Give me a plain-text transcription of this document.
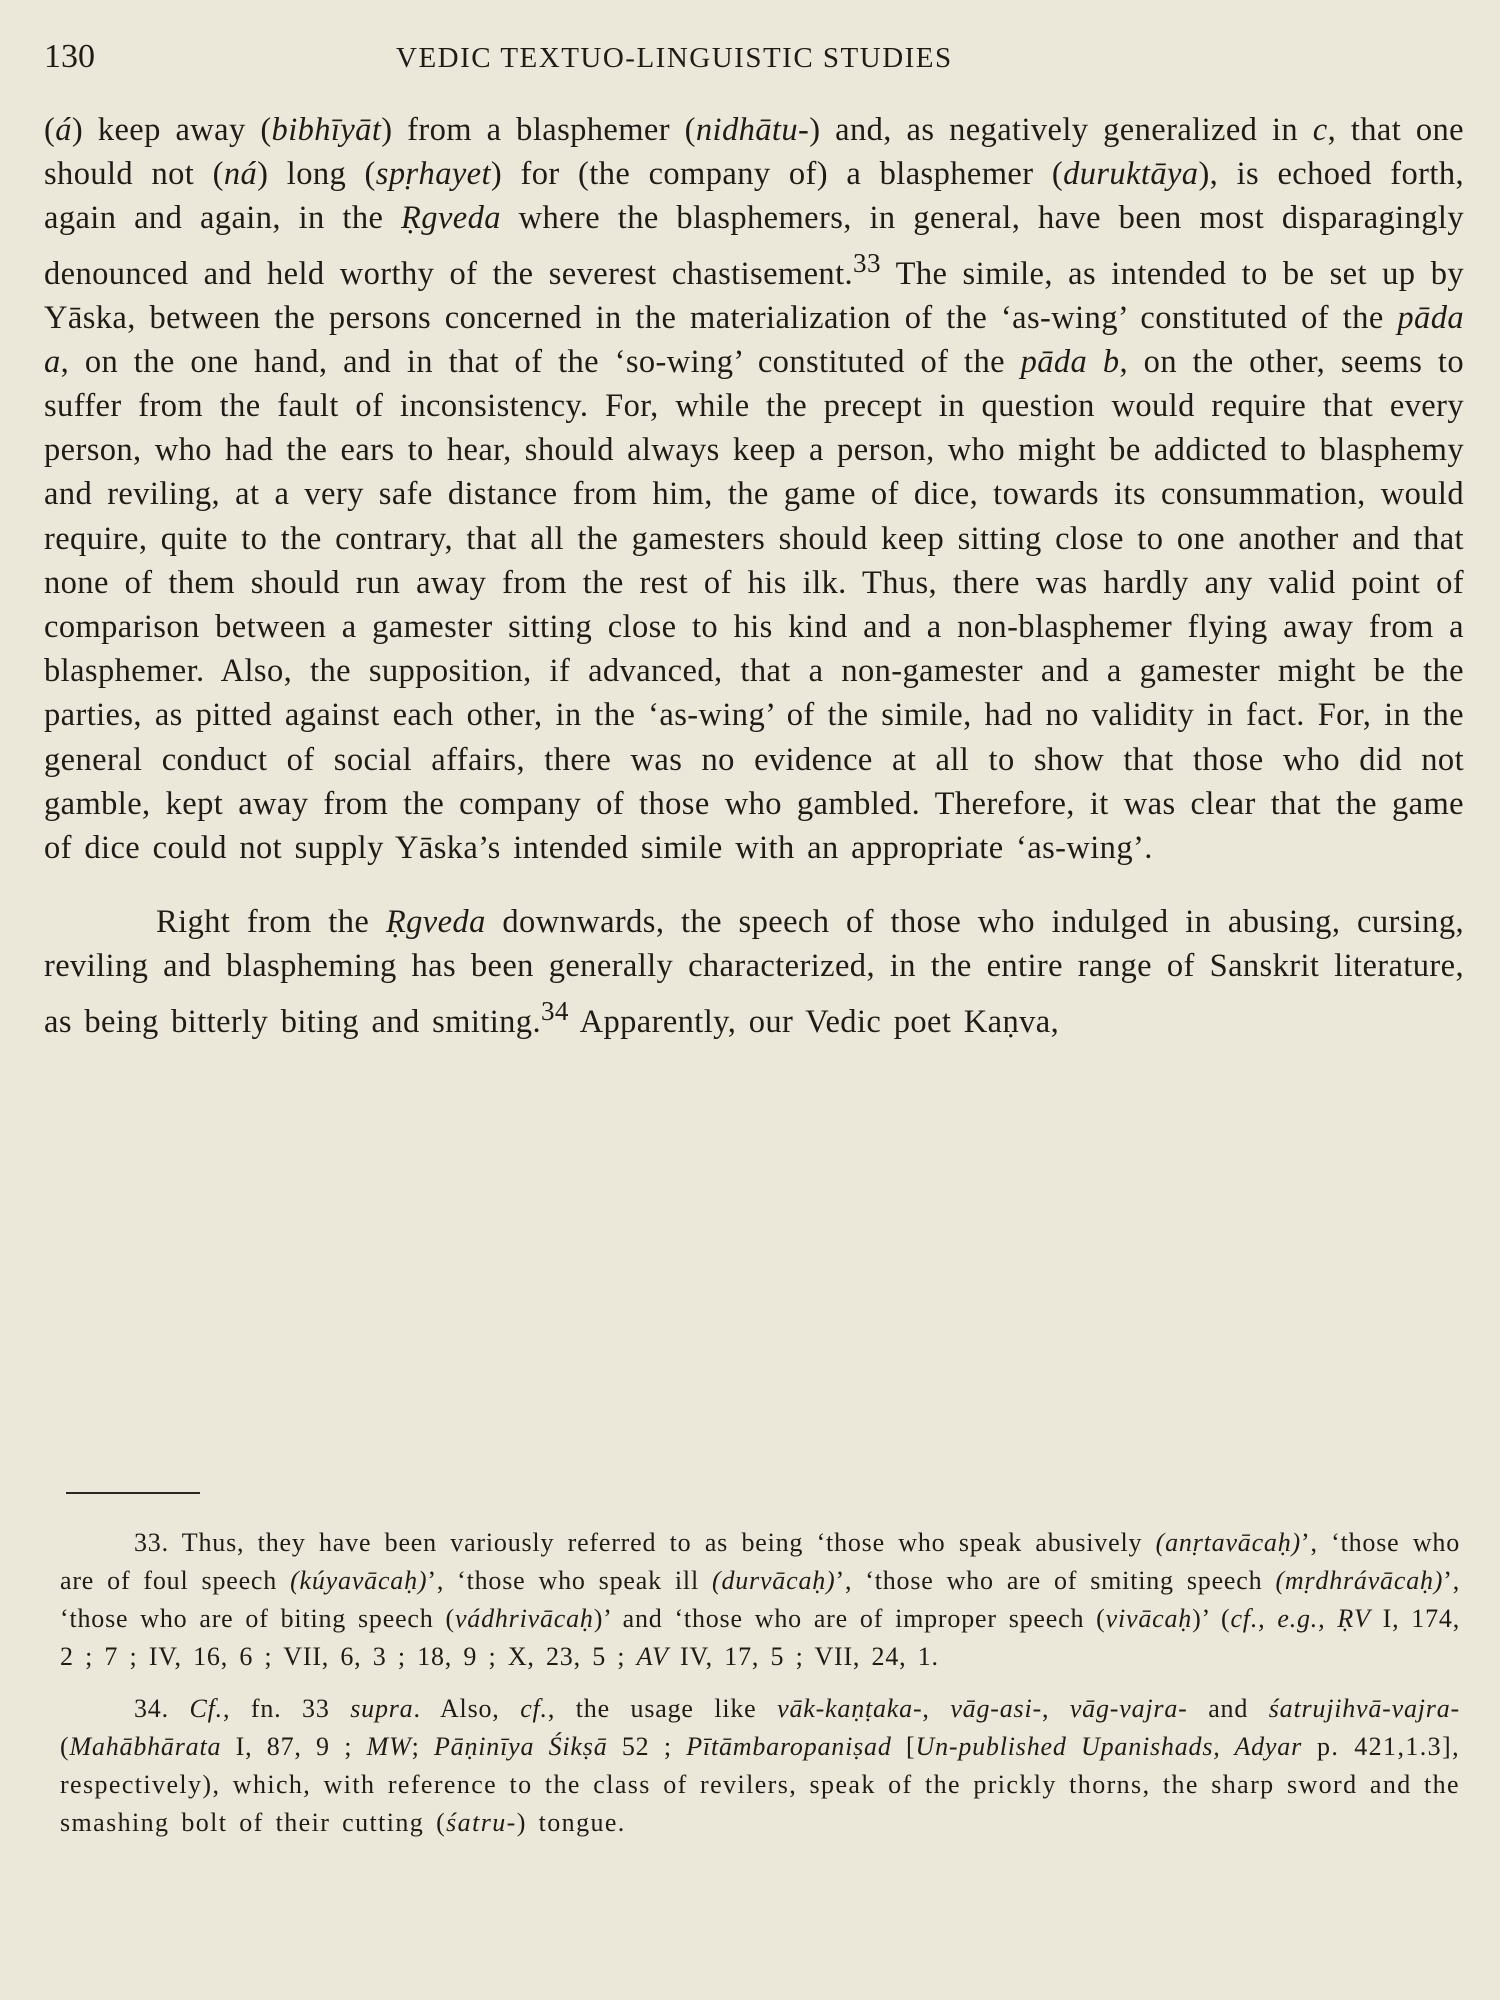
130	VEDIC TEXTUO-LINGUISTIC STUDIES

(á) keep away (bibhīyāt) from a blasphemer (nidhātu-) and, as negatively generalized in c, that one should not (ná) long (spṛhayet) for (the company of) a blasphemer (duruktāya), is echoed forth, again and again, in the Ṛgveda where the blasphemers, in general, have been most disparagingly denounced and held worthy of the severest chastisement.$^{33}$ The simile, as intended to be set up by Yāska, between the persons concerned in the materialization of the ‘as-wing’ constituted of the pāda a, on the one hand, and in that of the ‘so-wing’ constituted of the pāda b, on the other, seems to suffer from the fault of inconsistency. For, while the precept in question would require that every person, who had the ears to hear, should always keep a person, who might be addicted to blasphemy and reviling, at a very safe distance from him, the game of dice, towards its consummation, would require, quite to the contrary, that all the gamesters should keep sitting close to one another and that none of them should run away from the rest of his ilk. Thus, there was hardly any valid point of comparison between a gamester sitting close to his kind and a non-blasphemer flying away from a blasphemer. Also, the supposition, if advanced, that a non-gamester and a gamester might be the parties, as pitted against each other, in the ‘as-wing’ of the simile, had no validity in fact. For, in the general conduct of social affairs, there was no evidence at all to show that those who did not gamble, kept away from the company of those who gambled. Therefore, it was clear that the game of dice could not supply Yāska’s intended simile with an appropriate ‘as-wing’.

Right from the Ṛgveda downwards, the speech of those who indulged in abusing, cursing, reviling and blaspheming has been generally characterized, in the entire range of Sanskrit literature, as being bitterly biting and smiting.$^{34}$ Apparently, our Vedic poet Kaṇva,

33. Thus, they have been variously referred to as being ‘those who speak abusively (anṛtavācaḥ)’, ‘those who are of foul speech (kúyavācaḥ)’, ‘those who speak ill (durvācaḥ)’, ‘those who are of smiting speech (mṛdhrávācaḥ)’, ‘those who are of biting speech (vádhrivācaḥ)’ and ‘those who are of improper speech (vivācaḥ)’ (cf., e.g., ṚV I, 174, 2 ; 7 ; IV, 16, 6 ; VII, 6, 3 ; 18, 9 ; X, 23, 5 ; AV IV, 17, 5 ; VII, 24, 1.

34. Cf., fn. 33 supra. Also, cf., the usage like vāk-kaṇṭaka-, vāg-asi-, vāg-vajra- and śatrujihvā-vajra- (Mahābhārata I, 87, 9 ; MW; Pāṇinīya Śikṣā 52 ; Pītāmbaropaniṣad [Un-published Upanishads, Adyar p. 421,1.3], respectively), which, with reference to the class of revilers, speak of the prickly thorns, the sharp sword and the smashing bolt of their cutting (śatru-) tongue.
